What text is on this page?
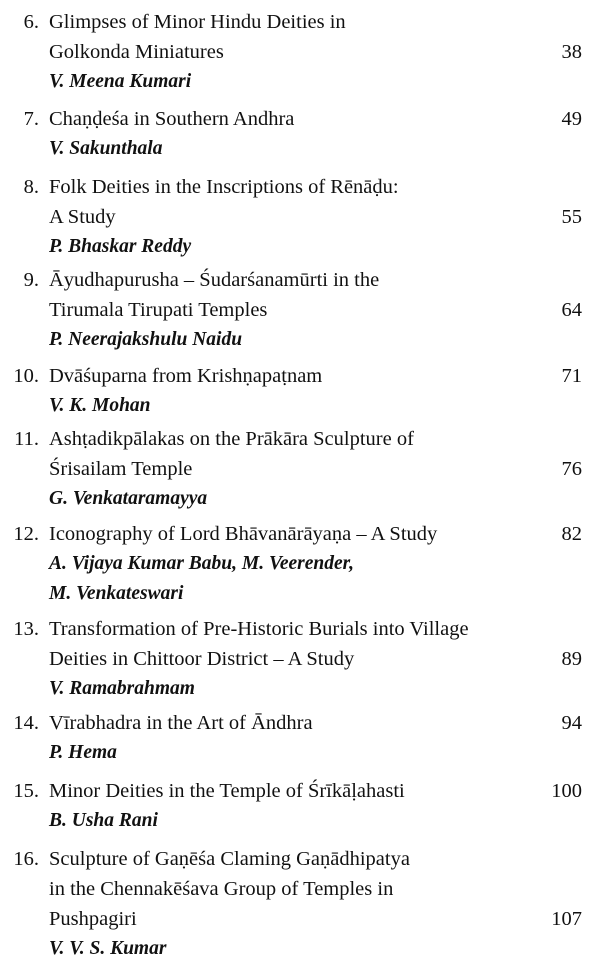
6. Glimpses of Minor Hindu Deities in
Golkonda Miniatures
V. Meena Kumari
38
7. Chaṇḍeśa in Southern Andhra
V. Sakunthala
49
8. Folk Deities in the Inscriptions of Rēnāḍu:
A Study
P. Bhaskar Reddy
55
9. Āyudhapurusha – Śudarśanamūrti in the
Tirumala Tirupati Temples
P. Neerajakshulu Naidu
64
10. Dvāśuparna from Krishṇapaṭnam
V. K. Mohan
71
11. Ashṭadikpālakas on the Prākāra Sculpture of
Śrisailam Temple
G. Venkataramayya
76
12. Iconography of Lord Bhāvanārāyaṇa – A Study
A. Vijaya Kumar Babu, M. Veerender,
M. Venkateswari
82
13. Transformation of Pre-Historic Burials into Village
Deities in Chittoor District – A Study
V. Ramabrahmam
89
14. Vīrabhadra in the Art of Āndhra
P. Hema
94
15. Minor Deities in the Temple of Śrīkāḷahasti
B. Usha Rani
100
16. Sculpture of Gaṇēśa Claming Gaṇādhipatya
in the Chennakēśava Group of Temples in
Pushpagiri
V. V. S. Kumar
107
